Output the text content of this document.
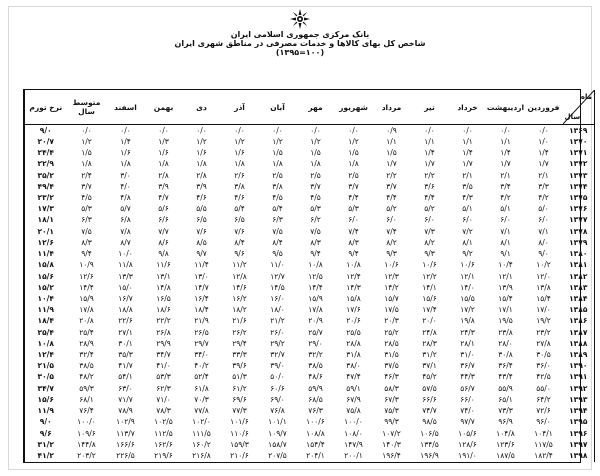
بانک مرکزی جمهوری اسلامی ایران
شاخص کل بهای کالاها و خدمات مصرفی در مناطق شهری ایران
(۱۰۰=۱۳۹۵)
ماه
سال	فروردین	اردیبهشت	خرداد	تیر	مرداد	شهریور	مهر	آبان	آذر	دی	بهمن	اسفند	متوسط سال	نرخ تورم
۱۳۶۹	۰/۰	۰/۰	۰/۰	۰/۰	۰/۹	۰/۰	۰/۰	۰/۰	۰/۰	۰/۰	۰/۰	۰/۰	۰/۰	۹/۰
۱۳۷۰	۱/۰	۱/۱	۱/۱	۱/۱	۱/۱	۱/۲	۱/۲	۱/۲	۱/۲	۱/۲	۱/۳	۱/۴	۱/۲	۲۰/۷
۱۳۷۱	۱/۴	۱/۴	۱/۴	۱/۴	۱/۵	۱/۵	۱/۵	۱/۵	۱/۶	۱/۶	۱/۶	۱/۶	۱/۵	۲۴/۴
۱۳۷۲	۱/۷	۱/۷	۱/۷	۱/۷	۱/۷	۱/۸	۱/۸	۱/۸	۱/۸	۱/۸	۱/۸	۱/۸	۱/۸	۲۲/۹
۱۳۷۳	۲/۱	۲/۱	۲/۱	۲/۲	۲/۲	۲/۵	۲/۵	۲/۵	۲/۶	۲/۸	۲/۸	۳/۰	۲/۴	۳۵/۲
۱۳۷۴	۳/۳	۳/۴	۳/۵	۳/۶	۳/۷	۳/۷	۳/۷	۳/۸	۳/۸	۳/۹	۳/۹	۴/۰	۳/۷	۴۹/۴
۱۳۷۵	۴/۲	۴/۲	۴/۳	۴/۴	۴/۴	۴/۴	۴/۵	۴/۵	۴/۶	۴/۶	۴/۷	۴/۸	۴/۵	۲۳/۲
۱۳۷۶	۵/۰	۵/۱	۵/۱	۵/۲	۵/۲	۵/۳	۵/۳	۵/۴	۵/۴	۵/۵	۵/۶	۵/۷	۵/۳	۱۷/۳
۱۳۷۷	۶/۰	۶/۰	۶/۰	۶/۰	۶/۰	۶/۰	۶/۲	۶/۳	۶/۵	۶/۵	۶/۶	۶/۸	۶/۳	۱۸/۱
۱۳۷۸	۷/۱	۷/۱	۷/۲	۷/۳	۷/۴	۷/۴	۷/۵	۷/۵	۷/۶	۷/۶	۷/۷	۷/۸	۷/۵	۲۰/۱
۱۳۷۹	۸/۰	۸/۱	۸/۱	۸/۲	۸/۲	۸/۳	۸/۳	۸/۴	۸/۴	۸/۵	۸/۶	۸/۷	۸/۳	۱۲/۶
۱۳۸۰	۹/۰	۹/۱	۹/۲	۹/۳	۹/۳	۹/۴	۹/۴	۹/۵	۹/۶	۹/۷	۹/۸	۱۰/۰	۹/۴	۱۱/۴
۱۳۸۱	۱۰/۲	۱۰/۴	۱۰/۶	۱۰/۶	۱۰/۶	۱۰/۸	۱۰/۸	۱۱/۰	۱۱/۲	۱۱/۴	۱۱/۶	۱۱/۸	۱۰/۹	۱۵/۸
۱۳۸۲	۱۲/۰	۱۲/۱	۱۲/۱	۱۲/۲	۱۲/۳	۱۲/۴	۱۲/۵	۱۲/۷	۱۲/۸	۱۳/۰	۱۳/۱	۱۳/۳	۱۲/۶	۱۵/۶
۱۳۸۳	۱۳/۸	۱۳/۹	۱۴/۰	۱۴/۱	۱۴/۲	۱۴/۳	۱۴/۴	۱۴/۵	۱۴/۶	۱۴/۷	۱۴/۸	۱۵/۰	۱۴/۴	۱۵/۲
۱۳۸۴	۱۵/۴	۱۵/۴	۱۵/۵	۱۵/۶	۱۵/۷	۱۵/۸	۱۵/۹	۱۶/۰	۱۶/۲	۱۶/۴	۱۶/۵	۱۶/۷	۱۵/۹	۱۰/۴
۱۳۸۵	۱۷/۰	۱۷/۱	۱۷/۲	۱۷/۴	۱۷/۵	۱۷/۶	۱۷/۸	۱۸/۰	۱۸/۲	۱۸/۴	۱۸/۶	۱۸/۸	۱۷/۸	۱۱/۹
۱۳۸۶	۱۹/۲	۱۹/۵	۱۹/۸	۲۰/۰	۲۰/۳	۲۰/۶	۲۰/۹	۲۱/۲	۲۱/۶	۲۱/۹	۲۲/۲	۲۲/۶	۲۰/۸	۱۸/۴
۱۳۸۷	۲۳/۲	۲۳/۸	۲۴/۳	۲۴/۸	۲۵/۲	۲۵/۵	۲۵/۷	۲۶/۰	۲۶/۲	۲۶/۵	۲۶/۸	۲۷/۱	۲۵/۴	۲۵/۴
۱۳۸۸	۲۷/۸	۲۸/۰	۲۸/۱	۲۸/۳	۲۸/۵	۲۸/۸	۲۹/۰	۲۹/۲	۲۹/۴	۲۹/۷	۲۹/۹	۳۰/۱	۲۸/۹	۱۰/۸
۱۳۸۹	۳۰/۵	۳۰/۸	۳۱/۰	۳۱/۲	۳۱/۵	۳۱/۸	۳۲/۲	۳۲/۷	۳۳/۳	۳۴/۰	۳۴/۷	۳۵/۳	۳۲/۴	۱۲/۴
۱۳۹۰	۳۶/۰	۳۶/۴	۳۶/۷	۳۷/۱	۳۷/۵	۳۸/۰	۳۸/۵	۳۹/۰	۳۹/۶	۴۰/۲	۴۱/۰	۴۱/۷	۳۸/۵	۲۱/۵
۱۳۹۱	۴۲/۵	۴۳/۴	۴۴/۳	۴۵/۲	۴۶/۳	۴۷/۴	۴۸/۶	۵۰/۰	۵۱/۳	۵۲/۴	۵۳/۳	۵۴/۱	۴۸/۲	۳۰/۵
۱۳۹۲	۵۵/۰	۵۵/۹	۵۶/۷	۵۷/۵	۵۸/۳	۵۹/۱	۵۹/۹	۶۰/۶	۶۱/۲	۶۱/۸	۶۲/۳	۶۳/۰	۵۹/۳	۳۴/۷
۱۳۹۳	۶۴/۲	۶۵/۱	۶۶/۰	۶۶/۶	۶۷/۳	۶۷/۹	۶۸/۵	۶۹/۰	۶۹/۶	۷۰/۳	۷۱/۰	۷۱/۷	۶۸/۱	۱۵/۶
۱۳۹۴	۷۲/۶	۷۳/۳	۷۴/۰	۷۴/۷	۷۵/۳	۷۵/۸	۷۶/۳	۷۶/۸	۷۷/۳	۷۷/۸	۷۸/۳	۷۸/۹	۷۶/۴	۱۱/۹
۱۳۹۵	۹۶/۰	۹۶/۹	۹۷/۷	۹۸/۵	۹۹/۳	۱۰۰/۰	۱۰۰/۶	۱۰۱/۱	۱۰۱/۶	۱۰۲/۰	۱۰۲/۵	۱۰۲/۹	۱۰۰/۰	۹/۰
۱۳۹۶	۱۰۴/۱	۱۰۴/۸	۱۰۵/۶	۱۰۶/۵	۱۰۷/۲	۱۰۸/۰	۱۰۸/۸	۱۰۹/۷	۱۱۰/۶	۱۱۱/۵	۱۱۲/۵	۱۱۳/۷	۱۰۹/۶	۹/۶
۱۳۹۷	۱۱۷/۵	۱۲۳/۶	۱۲۸/۶	۱۳۴/۵	۱۴۰/۳	۱۴۷/۹	۱۵۴/۴	۱۵۸/۷	۱۵۹/۳	۱۶۰/۲	۱۶۲/۶	۱۶۶/۶	۱۴۴/۸	۳۱/۲
۱۳۹۸	۱۸۲/۴	۱۸۷/۵	۱۹۱/۰	۱۹۶/۹	۱۹۶/۴	۲۰۰/۱	۲۰۴/۱	۲۰۷/۵	۲۱۰/۶	۲۱۶/۸	۲۱۹/۶	۲۲۶/۵	۲۰۳/۲	۴۱/۲
